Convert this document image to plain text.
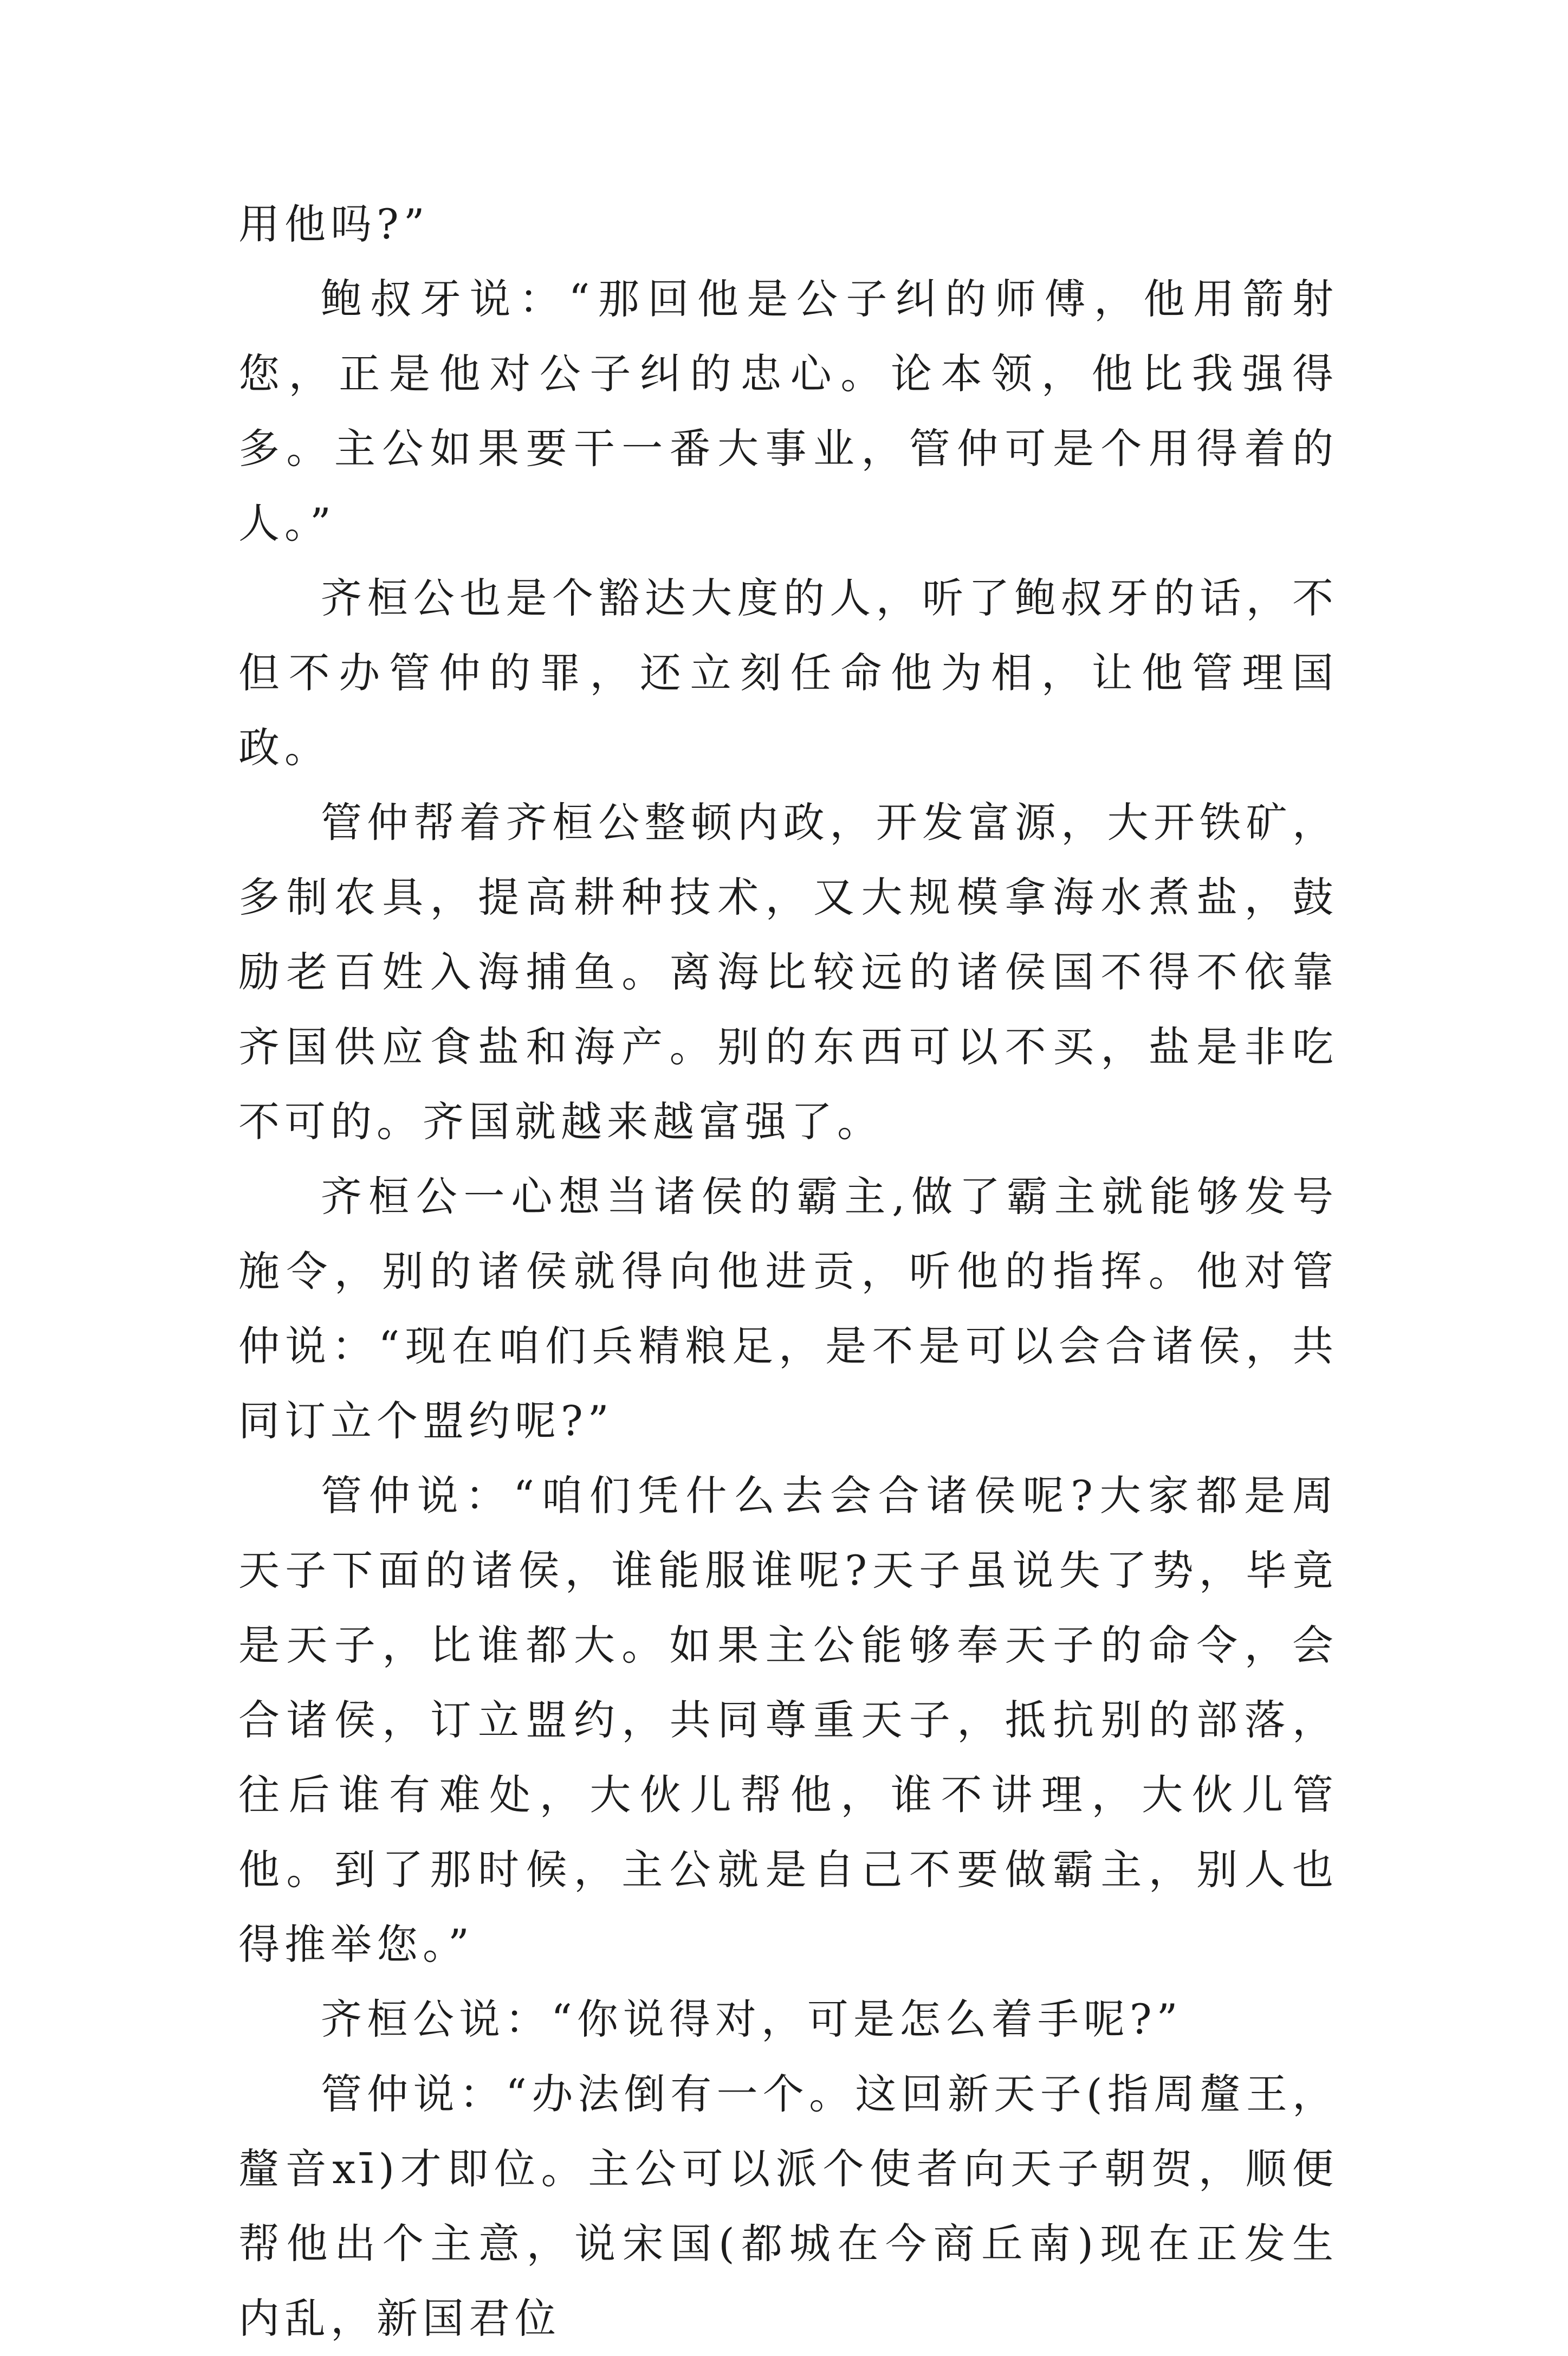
用他吗?”

鲍叔牙说：“那回他是公子纠的师傅，他用箭射您，正是他对公子纠的忠心。论本领，他比我强得多。主公如果要干一番大事业，管仲可是个用得着的人。”

齐桓公也是个豁达大度的人，听了鲍叔牙的话，不但不办管仲的罪，还立刻任命他为相，让他管理国政。

管仲帮着齐桓公整顿内政，开发富源，大开铁矿，多制农具，提高耕种技术，又大规模拿海水煮盐，鼓励老百姓入海捕鱼。离海比较远的诸侯国不得不依靠齐国供应食盐和海产。别的东西可以不买，盐是非吃不可的。齐国就越来越富强了。

齐桓公一心想当诸侯的霸主,做了霸主就能够发号施令，别的诸侯就得向他进贡，听他的指挥。他对管仲说：“现在咱们兵精粮足，是不是可以会合诸侯，共同订立个盟约呢?”

管仲说：“咱们凭什么去会合诸侯呢?大家都是周天子下面的诸侯，谁能服谁呢?天子虽说失了势，毕竟是天子，比谁都大。如果主公能够奉天子的命令，会合诸侯，订立盟约，共同尊重天子，抵抗别的部落，往后谁有难处，大伙儿帮他，谁不讲理，大伙儿管他。到了那时候，主公就是自己不要做霸主，别人也得推举您。”

齐桓公说：“你说得对，可是怎么着手呢?”

管仲说：“办法倒有一个。这回新天子(指周釐王，釐音xī)才即位。主公可以派个使者向天子朝贺，顺便帮他出个主意，说宋国(都城在今商丘南)现在正发生内乱，新国君位
